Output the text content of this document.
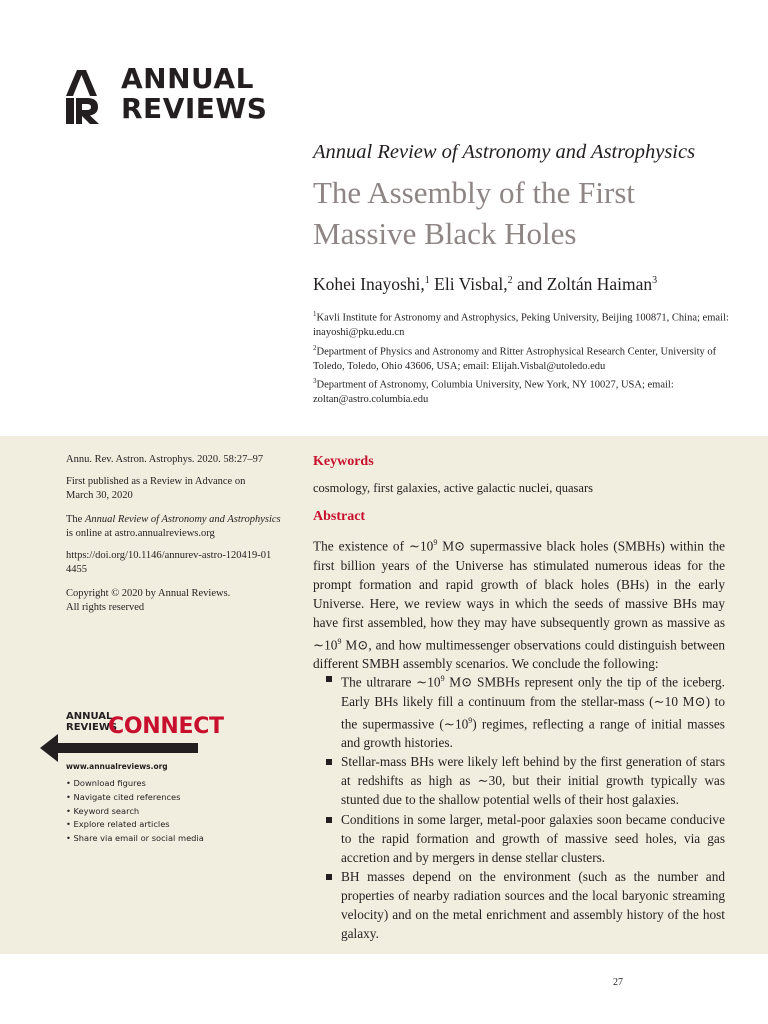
ANNUAL
REVIEWS
Annual Review of Astronomy and Astrophysics
The Assembly of the First Massive Black Holes
Kohei Inayoshi,$^1$ Eli Visbal,$^2$ and Zoltán Haiman$^3$
$^1$Kavli Institute for Astronomy and Astrophysics, Peking University, Beijing 100871, China; email: inayoshi@pku.edu.cn
$^2$Department of Physics and Astronomy and Ritter Astrophysical Research Center, University of Toledo, Toledo, Ohio 43606, USA; email: Elijah.Visbal@utoledo.edu
$^3$Department of Astronomy, Columbia University, New York, NY 10027, USA; email: zoltan@astro.columbia.edu
Annu. Rev. Astron. Astrophys. 2020. 58:27–97
First published as a Review in Advance on March 30, 2020
The Annual Review of Astronomy and Astrophysics is online at astro.annualreviews.org
https://doi.org/10.1146/annurev-astro-120419-014455
Copyright © 2020 by Annual Reviews.
All rights reserved
ANNUAL
REVIEWS
CONNECT
www.annualreviews.org
• Download figures
• Navigate cited references
• Keyword search
• Explore related articles
• Share via email or social media
Keywords
cosmology, first galaxies, active galactic nuclei, quasars
Abstract
The existence of $\sim 10^9$ M⊙ supermassive black holes (SMBHs) within the first billion years of the Universe has stimulated numerous ideas for the prompt formation and rapid growth of black holes (BHs) in the early Universe. Here, we review ways in which the seeds of massive BHs may have first assembled, how they may have subsequently grown as massive as $\sim 10^9$ M⊙, and how multimessenger observations could distinguish between different SMBH assembly scenarios. We conclude the following:
The ultrarare $\sim 10^9$ M⊙ SMBHs represent only the tip of the iceberg. Early BHs likely fill a continuum from the stellar-mass (∼10 M⊙) to the supermassive $(\sim 10^9)$ regimes, reflecting a range of initial masses and growth histories.
Stellar-mass BHs were likely left behind by the first generation of stars at redshifts as high as ∼30, but their initial growth typically was stunted due to the shallow potential wells of their host galaxies.
Conditions in some larger, metal-poor galaxies soon became conducive to the rapid formation and growth of massive seed holes, via gas accretion and by mergers in dense stellar clusters.
BH masses depend on the environment (such as the number and properties of nearby radiation sources and the local baryonic streaming velocity) and on the metal enrichment and assembly history of the host galaxy.
27
